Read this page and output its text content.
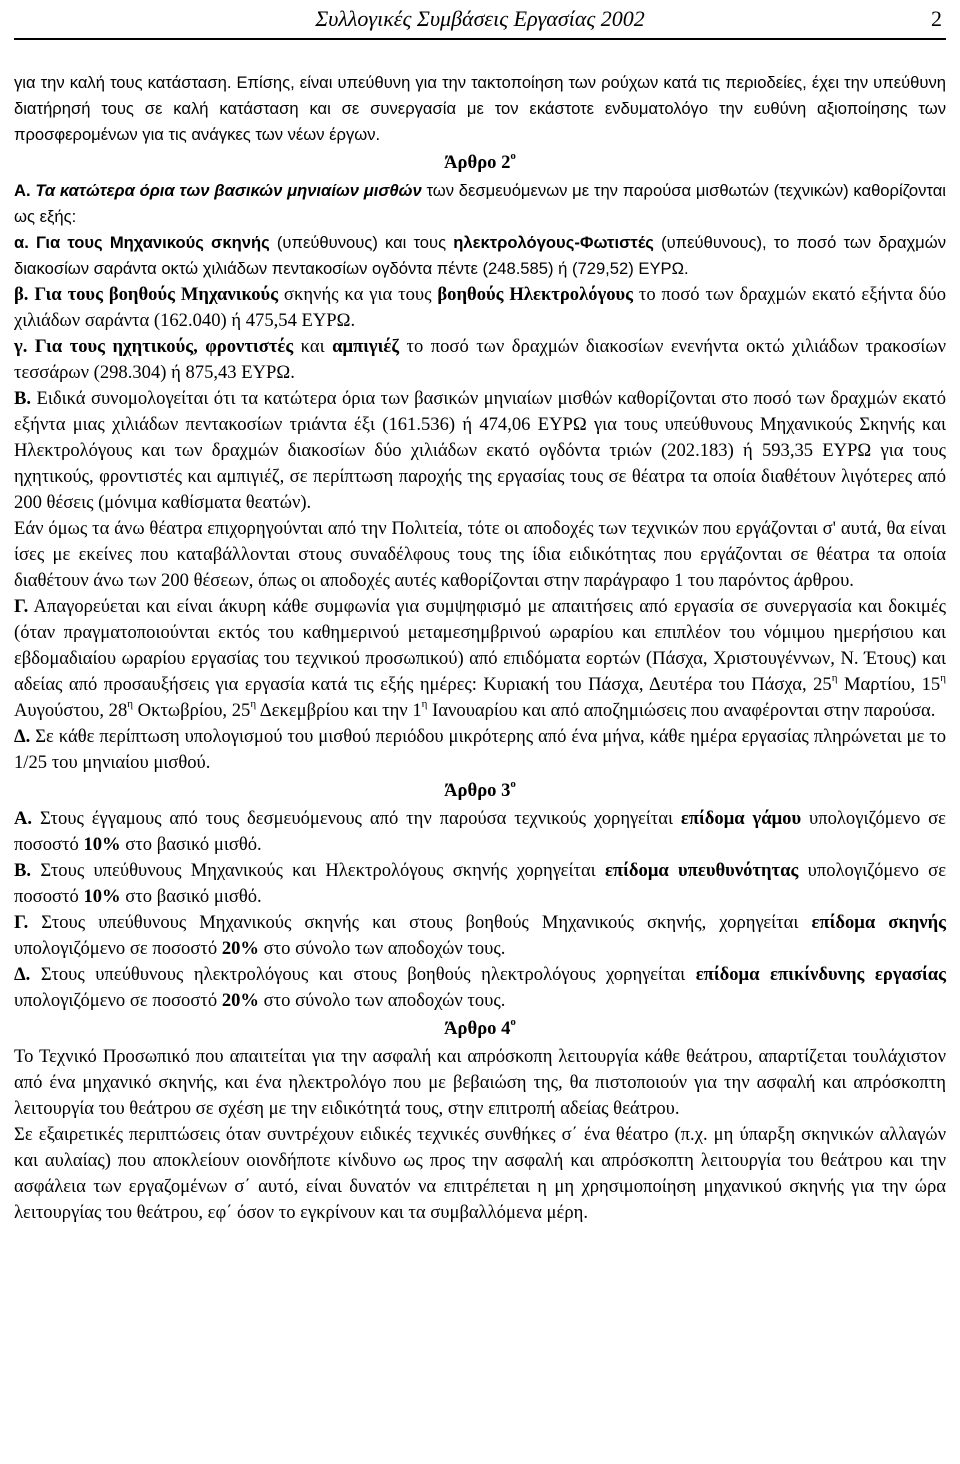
Συλλογικές Συμβάσεις Εργασίας 2002	2

για την καλή τους κατάσταση. Επίσης, είναι υπεύθυνη για την τακτοποίηση των ρούχων κατά τις περιοδείες, έχει την υπεύθυνη διατήρησή τους σε καλή κατάσταση και σε συνεργασία με τον εκάστοτε ενδυματολόγο την ευθύνη αξιοποίησης των προσφερομένων για τις ανάγκες των νέων έργων.

Άρθρο $2^o$

Α. Τα κατώτερα όρια των βασικών μηνιαίων μισθών των δεσμευόμενων με την παρούσα μισθωτών (τεχνικών) καθορίζονται ως εξής:

α. Για τους Μηχανικούς σκηνής (υπεύθυνους) και τους ηλεκτρολόγους-Φωτιστές (υπεύθυνους), το ποσό των δραχμών διακοσίων σαράντα οκτώ χιλιάδων πεντακοσίων ογδόντα πέντε (248.585) ή (729,52) ΕΥΡΩ.

β. Για τους βοηθούς Μηχανικούς σκηνής κα για τους βοηθούς Ηλεκτρολόγους το ποσό των δραχμών εκατό εξήντα δύο χιλιάδων σαράντα (162.040) ή 475,54 ΕΥΡΩ.

γ. Για τους ηχητικούς, φροντιστές και αμπιγιέζ το ποσό των δραχμών διακοσίων ενενήντα οκτώ χιλιάδων τρακοσίων τεσσάρων (298.304) ή 875,43 ΕΥΡΩ.

Β. Ειδικά συνομολογείται ότι τα κατώτερα όρια των βασικών μηνιαίων μισθών καθορίζονται στο ποσό των δραχμών εκατό εξήντα μιας χιλιάδων πεντακοσίων τριάντα έξι (161.536) ή 474,06 ΕΥΡΩ για τους υπεύθυνους Μηχανικούς Σκηνής και Ηλεκτρολόγους και των δραχμών διακοσίων δύο χιλιάδων εκατό ογδόντα τριών (202.183) ή 593,35 ΕΥΡΩ για τους ηχητικούς, φροντιστές και αμπιγιέζ, σε περίπτωση παροχής της εργασίας τους σε θέατρα τα οποία διαθέτουν λιγότερες από 200 θέσεις (μόνιμα καθίσματα θεατών).

Εάν όμως τα άνω θέατρα επιχορηγούνται από την Πολιτεία, τότε οι αποδοχές των τεχνικών που εργάζονται σ' αυτά, θα είναι ίσες με εκείνες που καταβάλλονται στους συναδέλφους τους της ίδια ειδικότητας που εργάζονται σε θέατρα τα οποία διαθέτουν άνω των 200 θέσεων, όπως οι αποδοχές αυτές καθορίζονται στην παράγραφο 1 του παρόντος άρθρου.

Γ. Απαγορεύεται και είναι άκυρη κάθε συμφωνία για συμψηφισμό με απαιτήσεις από εργασία σε συνεργασία και δοκιμές (όταν πραγματοποιούνται εκτός του καθημερινού μεταμεσημβρινού ωραρίου και επιπλέον του νόμιμου ημερήσιου και εβδομαδιαίου ωραρίου εργασίας του τεχνικού προσωπικού) από επιδόματα εορτών (Πάσχα, Χριστουγέννων, Ν. Έτους) και αδείας από προσαυξήσεις για εργασία κατά τις εξής ημέρες: Κυριακή του Πάσχα, Δευτέρα του Πάσχα, $25^\eta$ Μαρτίου, $15^\eta$ Αυγούστου, $28^\eta$ Οκτωβρίου, $25^\eta$ Δεκεμβρίου και την $1^\eta$ Ιανουαρίου και από αποζημιώσεις που αναφέρονται στην παρούσα.

Δ. Σε κάθε περίπτωση υπολογισμού του μισθού περιόδου μικρότερης από ένα μήνα, κάθε ημέρα εργασίας πληρώνεται με το 1/25 του μηνιαίου μισθού.

Άρθρο $3^o$

Α. Στους έγγαμους από τους δεσμευόμενους από την παρούσα τεχνικούς χορηγείται επίδομα γάμου υπολογιζόμενο σε ποσοστό 10% στο βασικό μισθό.

Β. Στους υπεύθυνους Μηχανικούς και Ηλεκτρολόγους σκηνής χορηγείται επίδομα υπευθυνότητας υπολογιζόμενο σε ποσοστό 10% στο βασικό μισθό.

Γ. Στους υπεύθυνους Μηχανικούς σκηνής και στους βοηθούς Μηχανικούς σκηνής, χορηγείται επίδομα σκηνής υπολογιζόμενο σε ποσοστό 20% στο σύνολο των αποδοχών τους.

Δ. Στους υπεύθυνους ηλεκτρολόγους και στους βοηθούς ηλεκτρολόγους χορηγείται επίδομα επικίνδυνης εργασίας υπολογιζόμενο σε ποσοστό 20% στο σύνολο των αποδοχών τους.

Άρθρο $4^o$

Το Τεχνικό Προσωπικό που απαιτείται για την ασφαλή και απρόσκοπη λειτουργία κάθε θεάτρου, απαρτίζεται τουλάχιστον από ένα μηχανικό σκηνής, και ένα ηλεκτρολόγο που με βεβαιώση της, θα πιστοποιούν για την ασφαλή και απρόσκοπτη λειτουργία του θεάτρου σε σχέση με την ειδικότητά τους, στην επιτροπή αδείας θεάτρου.

Σε εξαιρετικές περιπτώσεις όταν συντρέχουν ειδικές τεχνικές συνθήκες σ΄ ένα θέατρο (π.χ. μη ύπαρξη σκηνικών αλλαγών και αυλαίας) που αποκλείουν οιονδήποτε κίνδυνο ως προς την ασφαλή και απρόσκοπτη λειτουργία του θεάτρου και την ασφάλεια των εργαζομένων σ΄ αυτό, είναι δυνατόν να επιτρέπεται η μη χρησιμοποίηση μηχανικού σκηνής για την ώρα λειτουργίας του θεάτρου, εφ΄ όσον το εγκρίνουν και τα συμβαλλόμενα μέρη.
